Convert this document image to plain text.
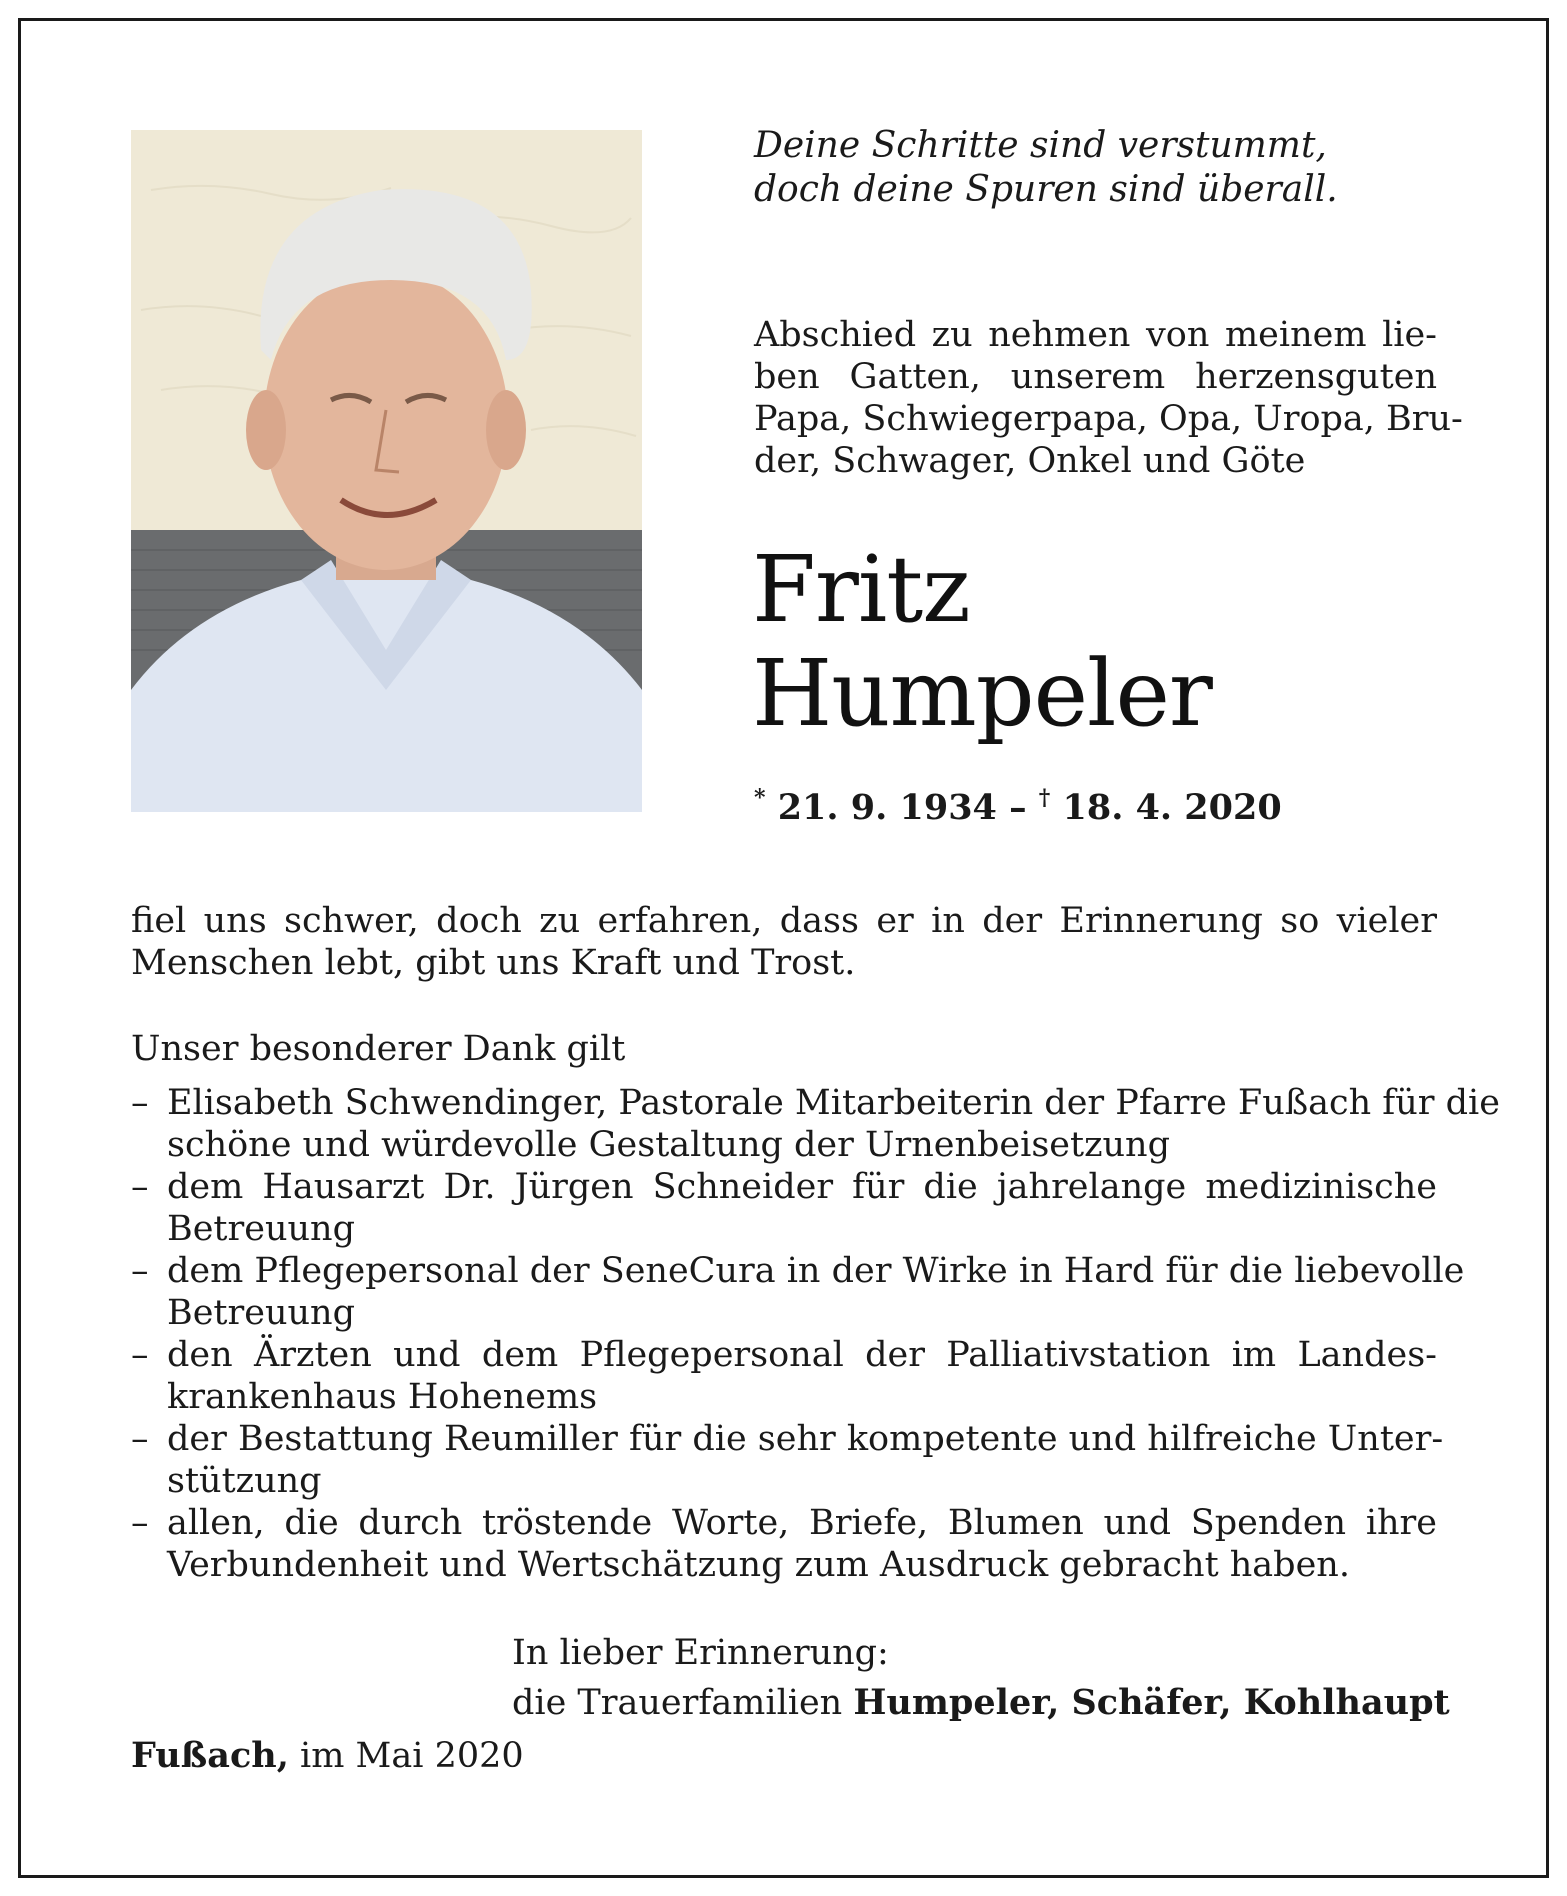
Deine Schritte sind verstummt,
doch deine Spuren sind überall.
Abschied zu nehmen von meinem lie-
ben Gatten, unserem herzensguten
Papa, Schwiegerpapa, Opa, Uropa, Bru-
der, Schwager, Onkel und Göte
Fritz
Humpeler
* 21. 9. 1934 – † 18. 4. 2020
fiel uns schwer, doch zu erfahren, dass er in der Erinnerung so vieler
Menschen lebt, gibt uns Kraft und Trost.
Unser besonderer Dank gilt
– Elisabeth Schwendinger, Pastorale Mitarbeiterin der Pfarre Fußach für die
schöne und würdevolle Gestaltung der Urnenbeisetzung
– dem Hausarzt Dr. Jürgen Schneider für die jahrelange medizinische
Betreuung
– dem Pflegepersonal der SeneCura in der Wirke in Hard für die liebevolle
Betreuung
– den Ärzten und dem Pflegepersonal der Palliativstation im Landes-
krankenhaus Hohenems
– der Bestattung Reumiller für die sehr kompetente und hilfreiche Unter-
stützung
– allen, die durch tröstende Worte, Briefe, Blumen und Spenden ihre
Verbundenheit und Wertschätzung zum Ausdruck gebracht haben.
In lieber Erinnerung:
die Trauerfamilien Humpeler, Schäfer, Kohlhaupt
Fußach, im Mai 2020
